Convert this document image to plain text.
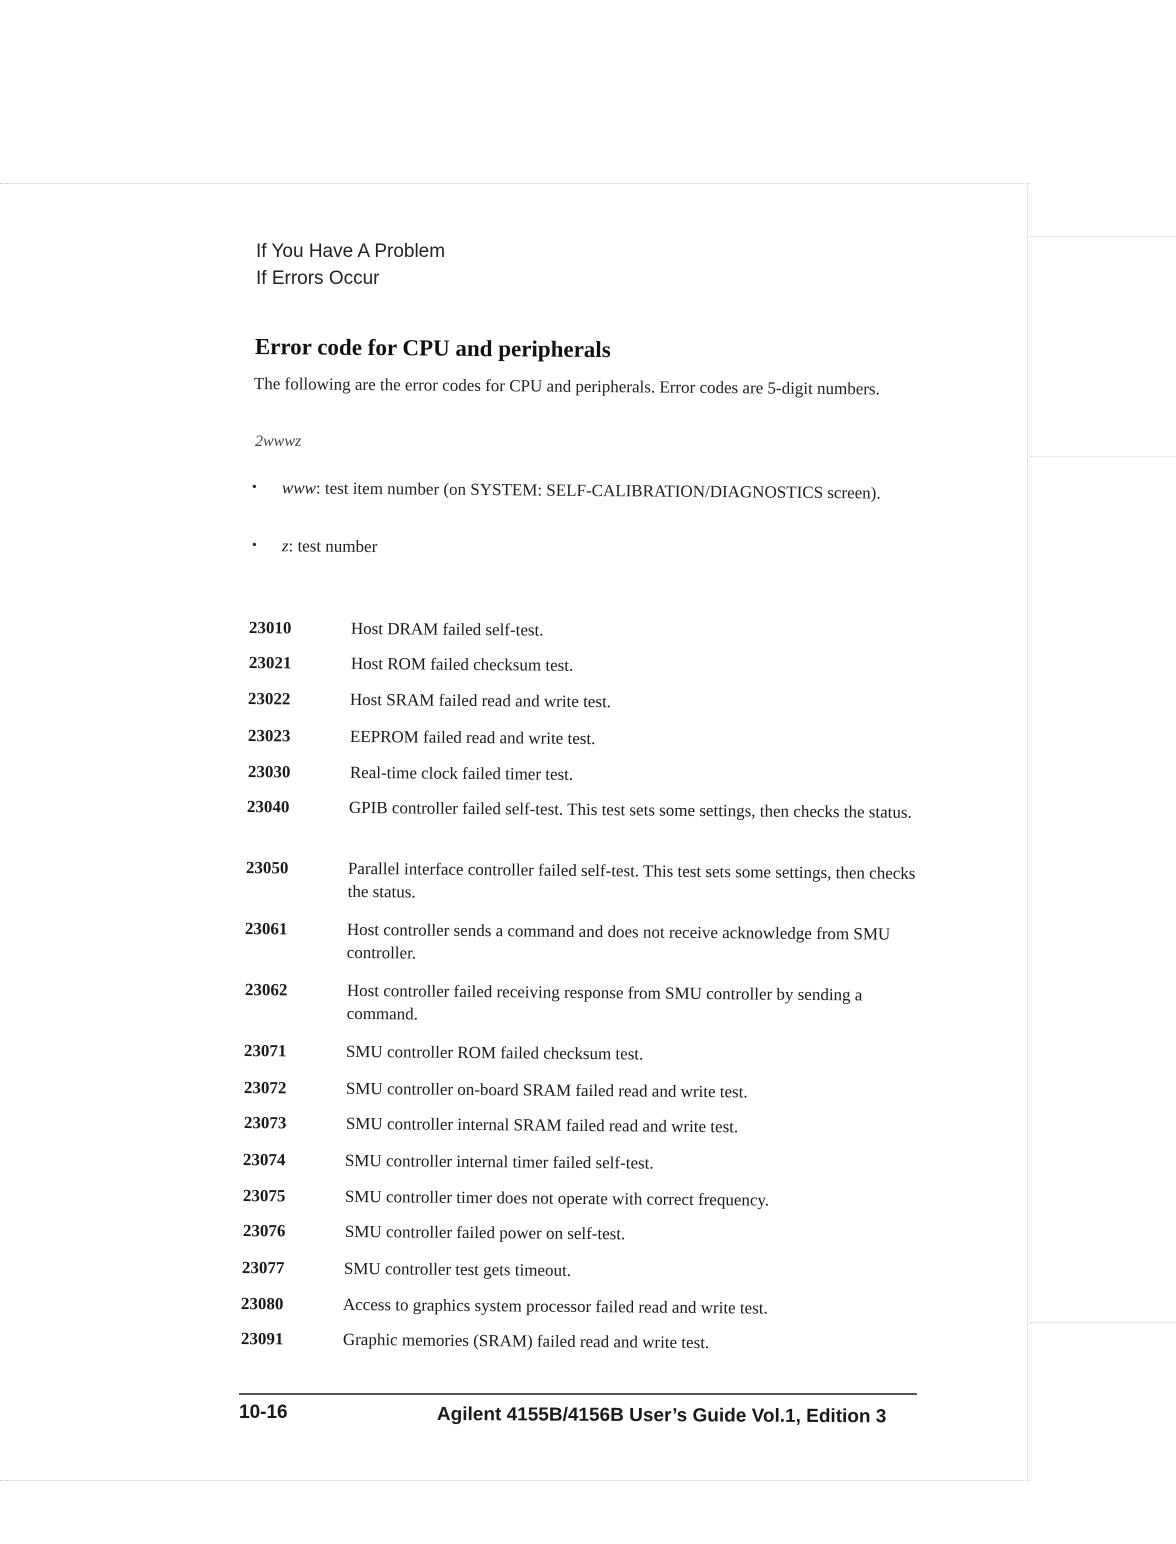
If You Have A Problem

If Errors Occur

Error code for CPU and peripherals

The following are the error codes for CPU and peripherals. Error codes are 5-digit numbers.

2wwwz

• www: test item number (on SYSTEM: SELF-CALIBRATION/DIAGNOSTICS screen).
• z: test number
23010	Host DRAM failed self-test.
23021	Host ROM failed checksum test.
23022	Host SRAM failed read and write test.
23023	EEPROM failed read and write test.
23030	Real-time clock failed timer test.
23040	GPIB controller failed self-test. This test sets some settings, then checks the status.
23050	Parallel interface controller failed self-test. This test sets some settings, then checks the status.
23061	Host controller sends a command and does not receive acknowledge from SMU controller.
23062	Host controller failed receiving response from SMU controller by sending a command.
23071	SMU controller ROM failed checksum test.
23072	SMU controller on-board SRAM failed read and write test.
23073	SMU controller internal SRAM failed read and write test.
23074	SMU controller internal timer failed self-test.
23075	SMU controller timer does not operate with correct frequency.
23076	SMU controller failed power on self-test.
23077	SMU controller test gets timeout.
23080	Access to graphics system processor failed read and write test.
23091	Graphic memories (SRAM) failed read and write test.

10-16	Agilent 4155B/4156B User’s Guide Vol.1, Edition 3
